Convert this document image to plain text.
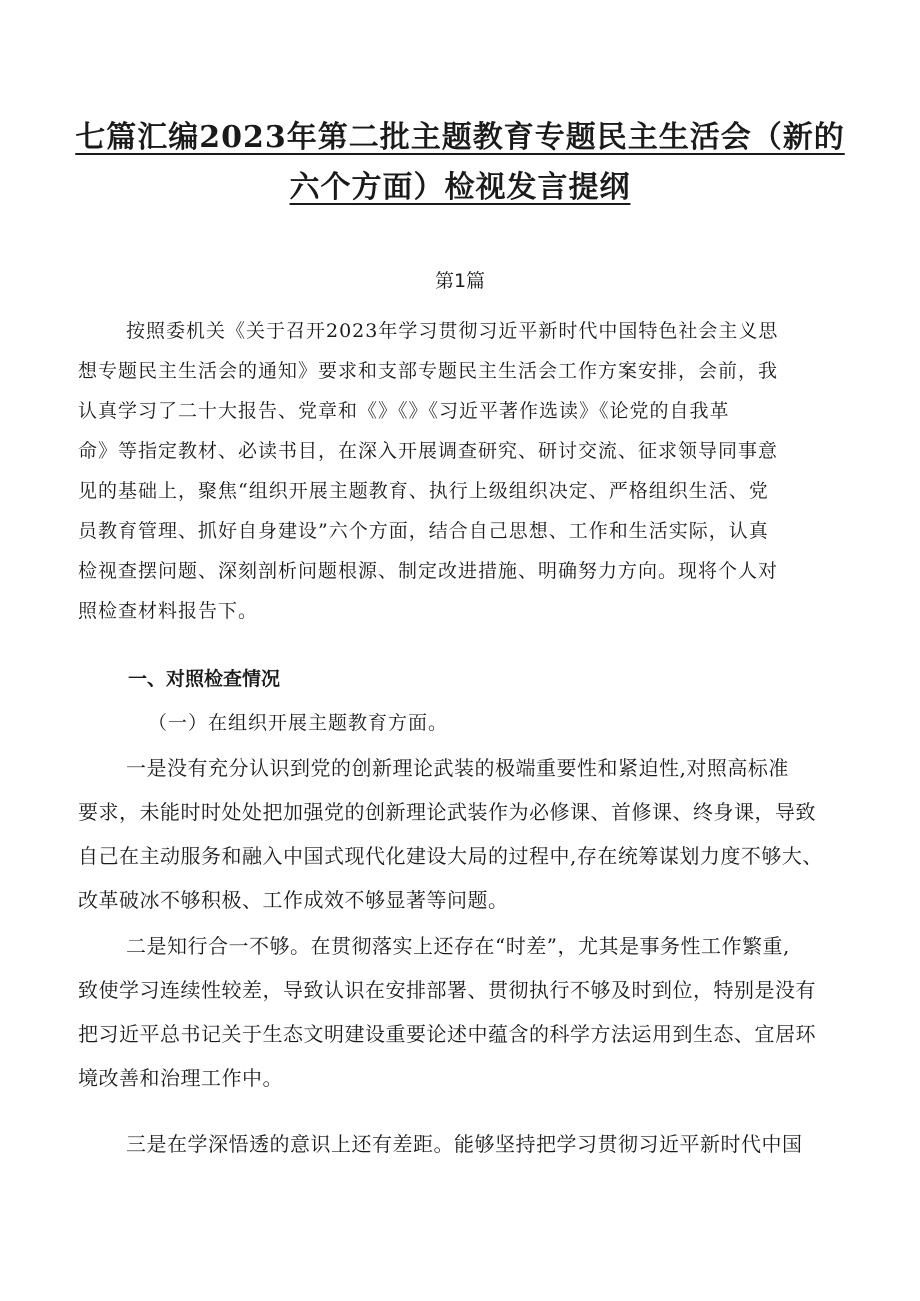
七篇汇编2023年第二批主题教育专题民主生活会（新的
六个方面）检视发言提纲
第1篇
按照委机关《关于召开2023年学习贯彻习近平新时代中国特色社会主义思
想专题民主生活会的通知》要求和支部专题民主生活会工作方案安排，会前，我
认真学习了二十大报告、党章和《》《》《习近平著作选读》《论党的自我革
命》等指定教材、必读书目，在深入开展调查研究、研讨交流、征求领导同事意
见的基础上，聚焦“组织开展主题教育、执行上级组织决定、严格组织生活、党
员教育管理、抓好自身建设”六个方面，结合自己思想、工作和生活实际，认真
检视查摆问题、深刻剖析问题根源、制定改进措施、明确努力方向。现将个人对
照检查材料报告下。
一、对照检查情况
（一）在组织开展主题教育方面。
一是没有充分认识到党的创新理论武装的极端重要性和紧迫性,对照高标准
要求，未能时时处处把加强党的创新理论武装作为必修课、首修课、终身课，导致
自己在主动服务和融入中国式现代化建设大局的过程中,存在统筹谋划力度不够大、
改革破冰不够积极、工作成效不够显著等问题。
二是知行合一不够。在贯彻落实上还存在“时差”，尤其是事务性工作繁重,
致使学习连续性较差，导致认识在安排部署、贯彻执行不够及时到位，特别是没有
把习近平总书记关于生态文明建设重要论述中蕴含的科学方法运用到生态、宜居环
境改善和治理工作中。
三是在学深悟透的意识上还有差距。能够坚持把学习贯彻习近平新时代中国
